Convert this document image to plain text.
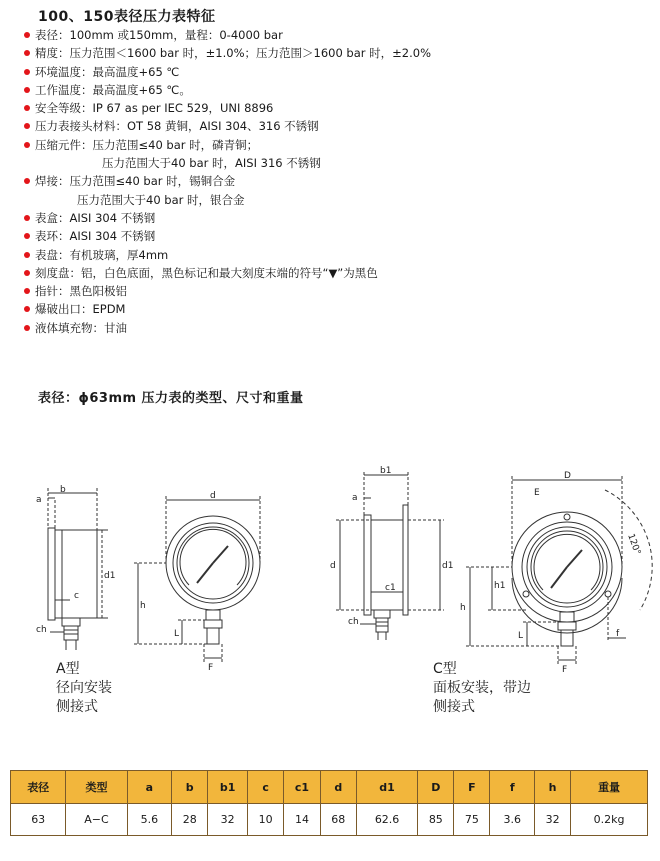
100、150表径压力表特征
表径：100mm 或150mm，量程：0-4000 bar
精度：压力范围＜1600 bar 时，±1.0%；压力范围＞1600 bar 时，±2.0%
环境温度：最高温度+65 ℃
工作温度：最高温度+65 ℃。
安全等级：IP 67 as per IEC 529，UNI 8896
压力表接头材料：OT 58 黄铜，AISI 304、316 不锈钢
压缩元件：压力范围≤40 bar 时，磷青铜；
压力范围大于40 bar 时，AISI 316 不锈钢
焊接：压力范围≤40 bar 时，锡铜合金
压力范围大于40 bar 时，银合金
表盒：AISI 304 不锈钢
表环：AISI 304 不锈钢
表盘：有机玻璃，厚4mm
刻度盘：铝，白色底面，黑色标记和最大刻度末端的符号“▼”为黑色
指针：黑色阳极铝
爆破出口：EPDM
液体填充物：甘油
表径：ϕ63mm 压力表的类型、尺寸和重量
b
a
d1
c
ch
d
h
L
F
b1
a
d	d1
c1
ch
D
E
120°
h
h1
L
F
f
A型
径向安装
侧接式
C型
面板安装，带边
侧接式
表径	类型	a	b	b1	c	c1	d	d1	D	F	f	h	重量
63	A−C	5.6	28	32	10	14	68	62.6	85	75	3.6	32	0.2kg
